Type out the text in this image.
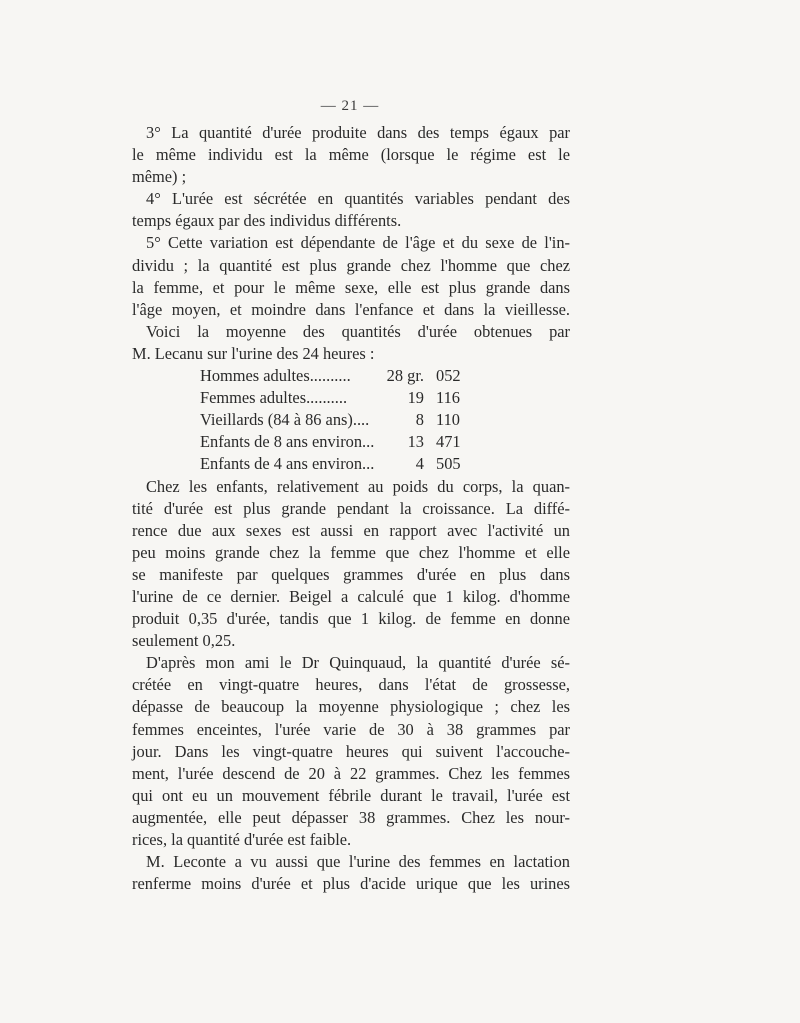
— 21 —

3° La quantité d'urée produite dans des temps égaux par
le même individu est la même (lorsque le régime est le
même) ;

4° L'urée est sécrétée en quantités variables pendant des
temps égaux par des individus différents.

5° Cette variation est dépendante de l'âge et du sexe de l'in-
dividu ; la quantité est plus grande chez l'homme que chez
la femme, et pour le même sexe, elle est plus grande dans
l'âge moyen, et moindre dans l'enfance et dans la vieillesse.

Voici la moyenne des quantités d'urée obtenues par
M. Lecanu sur l'urine des 24 heures :

Hommes adultes..........	28 gr. 052
Femmes adultes..........	19 116
Vieillards (84 à 86 ans)....	8 110
Enfants de 8 ans environ...	13 471
Enfants de 4 ans environ...	4 505

Chez les enfants, relativement au poids du corps, la quan-
tité d'urée est plus grande pendant la croissance. La diffé-
rence due aux sexes est aussi en rapport avec l'activité un
peu moins grande chez la femme que chez l'homme et elle
se manifeste par quelques grammes d'urée en plus dans
l'urine de ce dernier. Beigel a calculé que 1 kilog. d'homme
produit 0,35 d'urée, tandis que 1 kilog. de femme en donne
seulement 0,25.

D'après mon ami le Dr Quinquaud, la quantité d'urée sé-
crétée en vingt-quatre heures, dans l'état de grossesse,
dépasse de beaucoup la moyenne physiologique ; chez les
femmes enceintes, l'urée varie de 30 à 38 grammes par
jour. Dans les vingt-quatre heures qui suivent l'accouche-
ment, l'urée descend de 20 à 22 grammes. Chez les femmes
qui ont eu un mouvement fébrile durant le travail, l'urée est
augmentée, elle peut dépasser 38 grammes. Chez les nour-
rices, la quantité d'urée est faible.

M. Leconte a vu aussi que l'urine des femmes en lactation
renferme moins d'urée et plus d'acide urique que les urines
